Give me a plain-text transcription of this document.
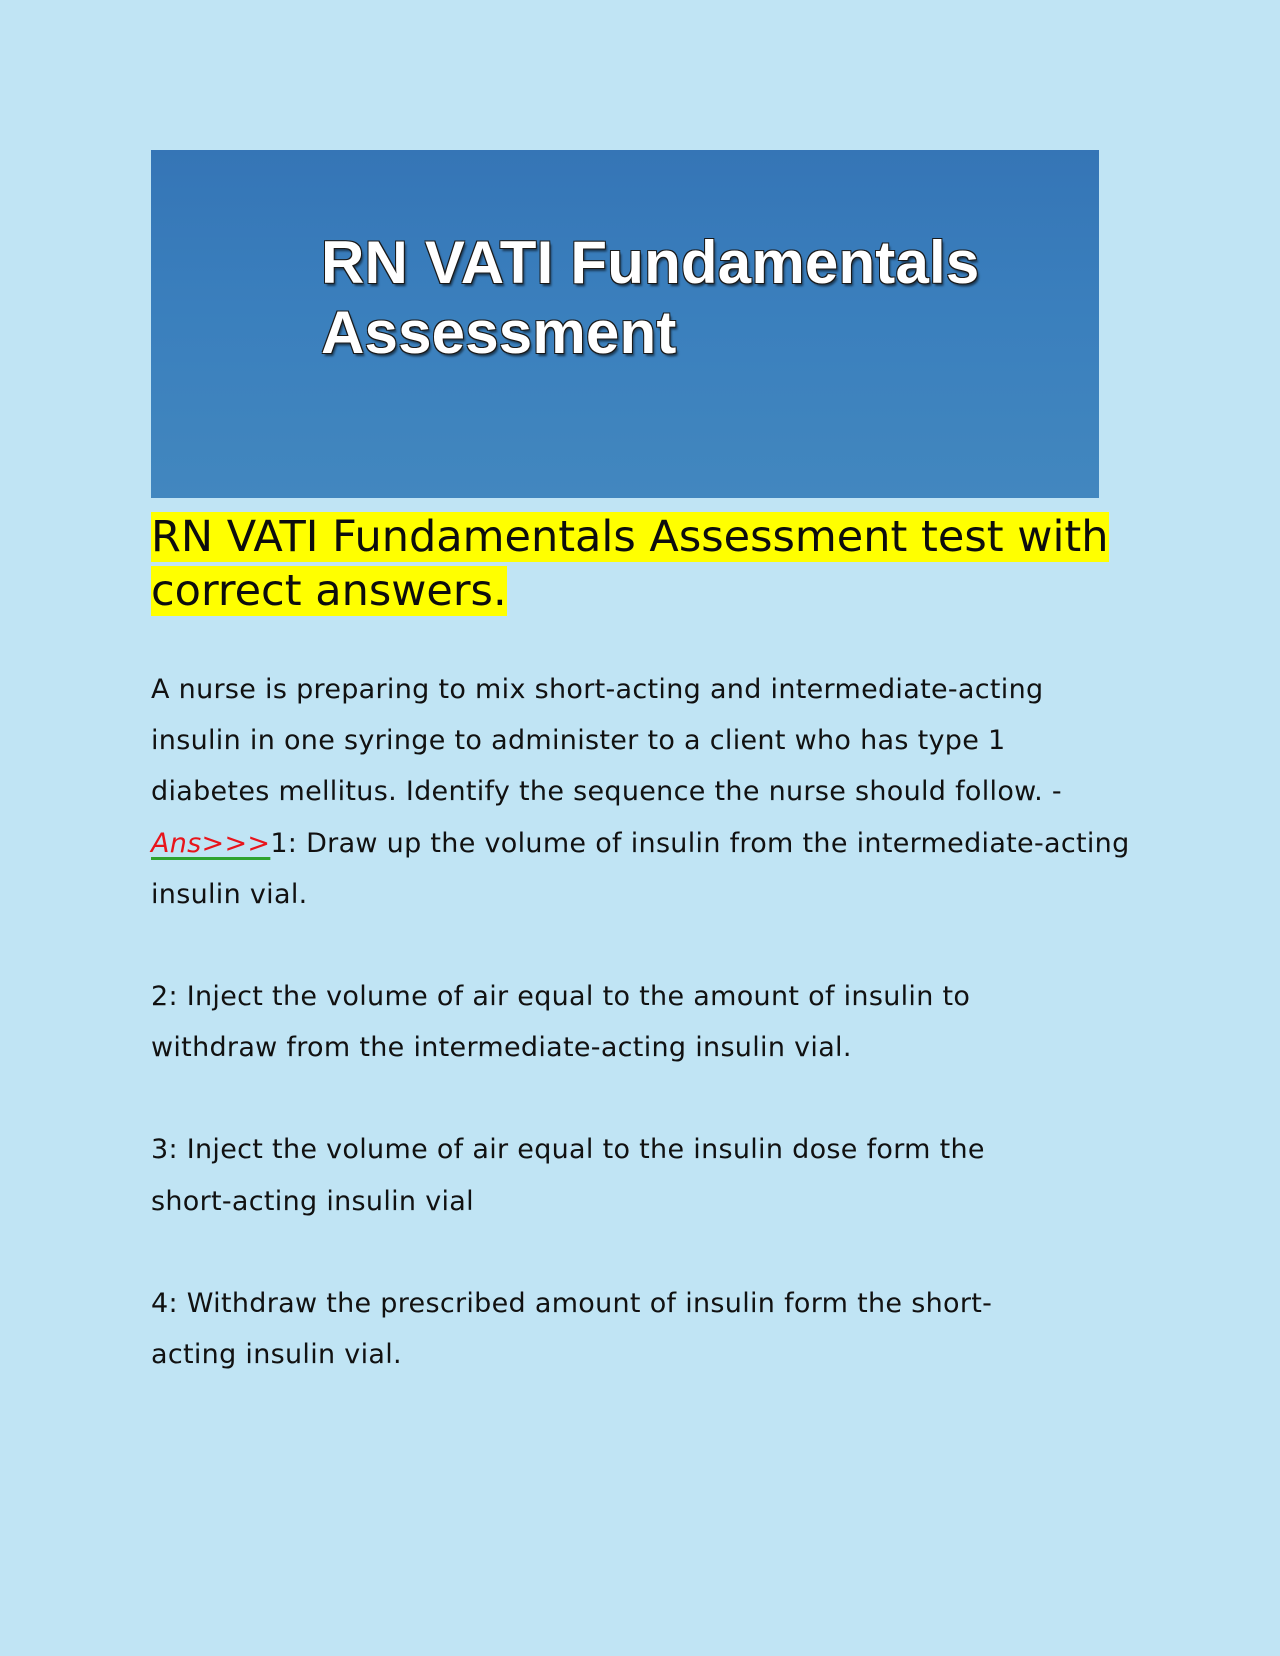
RN VATI Fundamentals
Assessment
RN VATI Fundamentals Assessment test with correct answers.

A nurse is preparing to mix short-acting and intermediate-acting insulin in one syringe to administer to a client who has type 1 diabetes mellitus. Identify the sequence the nurse should follow. -
Ans>>>1: Draw up the volume of insulin from the intermediate-acting insulin vial.

2: Inject the volume of air equal to the amount of insulin to withdraw from the intermediate-acting insulin vial.

3: Inject the volume of air equal to the insulin dose form the short-acting insulin vial

4: Withdraw the prescribed amount of insulin form the short-acting insulin vial.
